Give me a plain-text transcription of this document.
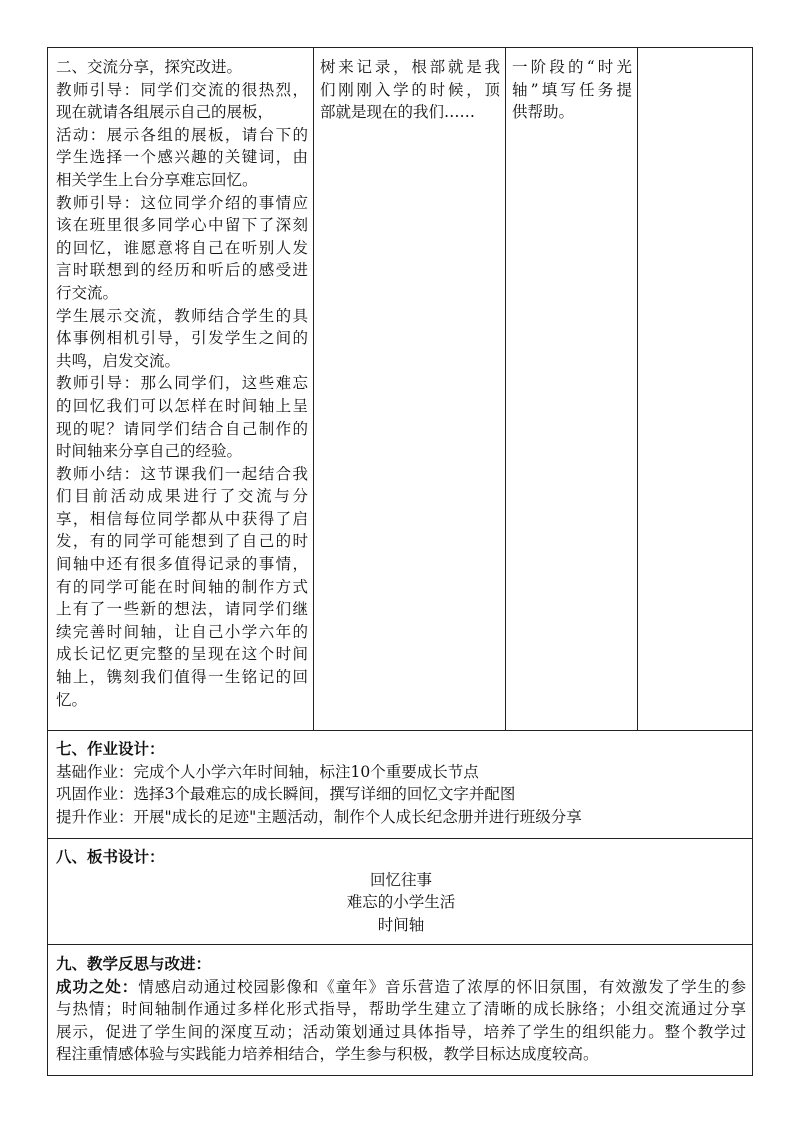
二、交流分享，探究改进。

教师引导：同学们交流的很热烈，

现在就请各组展示自己的展板，

活动：展示各组的展板，请台下的

学生选择一个感兴趣的关键词，由

相关学生上台分享难忘回忆。

教师引导：这位同学介绍的事情应

该在班里很多同学心中留下了深刻

的回忆，谁愿意将自己在听别人发

言时联想到的经历和听后的感受进

行交流。

学生展示交流，教师结合学生的具

体事例相机引导，引发学生之间的

共鸣，启发交流。

教师引导：那么同学们，这些难忘

的回忆我们可以怎样在时间轴上呈

现的呢？请同学们结合自己制作的

时间轴来分享自己的经验。

教师小结：这节课我们一起结合我

们目前活动成果进行了交流与分

享，相信每位同学都从中获得了启

发，有的同学可能想到了自己的时

间轴中还有很多值得记录的事情，

有的同学可能在时间轴的制作方式

上有了一些新的想法，请同学们继

续完善时间轴，让自己小学六年的

成长记忆更完整的呈现在这个时间

轴上，镌刻我们值得一生铭记的回

忆。

树来记录，根部就是我

们刚刚入学的时候，顶

部就是现在的我们……

一阶段的“时光

轴”填写任务提

供帮助。

七、作业设计：

基础作业：完成个人小学六年时间轴，标注10个重要成长节点

巩固作业：选择3个最难忘的成长瞬间，撰写详细的回忆文字并配图

提升作业：开展"成长的足迹"主题活动，制作个人成长纪念册并进行班级分享

八、板书设计：

回忆往事

难忘的小学生活

时间轴

九、教学反思与改进：

成功之处：情感启动通过校园影像和《童年》音乐营造了浓厚的怀旧氛围，有效激发了学生的参

与热情；时间轴制作通过多样化形式指导，帮助学生建立了清晰的成长脉络；小组交流通过分享

展示，促进了学生间的深度互动；活动策划通过具体指导，培养了学生的组织能力。整个教学过

程注重情感体验与实践能力培养相结合，学生参与积极，教学目标达成度较高。
